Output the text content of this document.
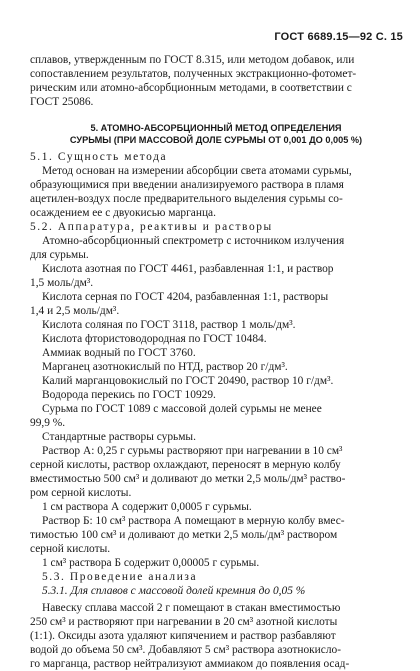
ГОСТ 6689.15—92 С. 15

сплавов, утвержденным по ГОСТ 8.315, или методом добавок, или

сопоставлением результатов, полученных экстракционно-фотомет-

рическим или атомно-абсорбционным методами, в соответствии с

ГОСТ 25086.

5. АТОМНО-АБСОРБЦИОННЫЙ МЕТОД ОПРЕДЕЛЕНИЯ
СУРЬМЫ (ПРИ МАССОВОЙ ДОЛЕ СУРЬМЫ ОТ 0,001 ДО 0,005 %)

5.1. Сущность метода

Метод основан на измерении абсорбции света атомами сурьмы,

образующимися при введении анализируемого раствора в пламя

ацетилен-воздух после предварительного выделения сурьмы со-

осаждением ее с двуокисью марганца.

5.2. Аппаратура, реактивы и растворы

Атомно-абсорбционный спектрометр с источником излучения

для сурьмы.

Кислота азотная по ГОСТ 4461, разбавленная 1:1, и раствор

1,5 моль/дм³.

Кислота серная по ГОСТ 4204, разбавленная 1:1, растворы

1,4 и 2,5 моль/дм³.

Кислота соляная по ГОСТ 3118, раствор 1 моль/дм³.

Кислота фтористоводородная по ГОСТ 10484.

Аммиак водный по ГОСТ 3760.

Марганец азотнокислый по НТД, раствор 20 г/дм³.

Калий марганцовокислый по ГОСТ 20490, раствор 10 г/дм³.

Водорода перекись по ГОСТ 10929.

Сурьма по ГОСТ 1089 с массовой долей сурьмы не менее

99,9 %.

Стандартные растворы сурьмы.

Раствор А: 0,25 г сурьмы растворяют при нагревании в 10 см³

серной кислоты, раствор охлаждают, переносят в мерную колбу

вместимостью 500 см³ и доливают до метки 2,5 моль/дм³ раство-

ром серной кислоты.

1 см раствора А содержит 0,0005 г сурьмы.

Раствор Б: 10 см³ раствора А помещают в мерную колбу вмес-

тимостью 100 см³ и доливают до метки 2,5 моль/дм³ раствором

серной кислоты.

1 см³ раствора Б содержит 0,00005 г сурьмы.

5.3. Проведение анализа

5.3.1. Для сплавов с массовой долей кремния до 0,05 %

Навеску сплава массой 2 г помещают в стакан вместимостью

250 см³ и растворяют при нагревании в 20 см³ азотной кислоты

(1:1). Оксиды азота удаляют кипячением и раствор разбавляют

водой до объема 50 см³. Добавляют 5 см³ раствора азотнокисло-

го марганца, раствор нейтрализуют аммиаком до появления осад-
